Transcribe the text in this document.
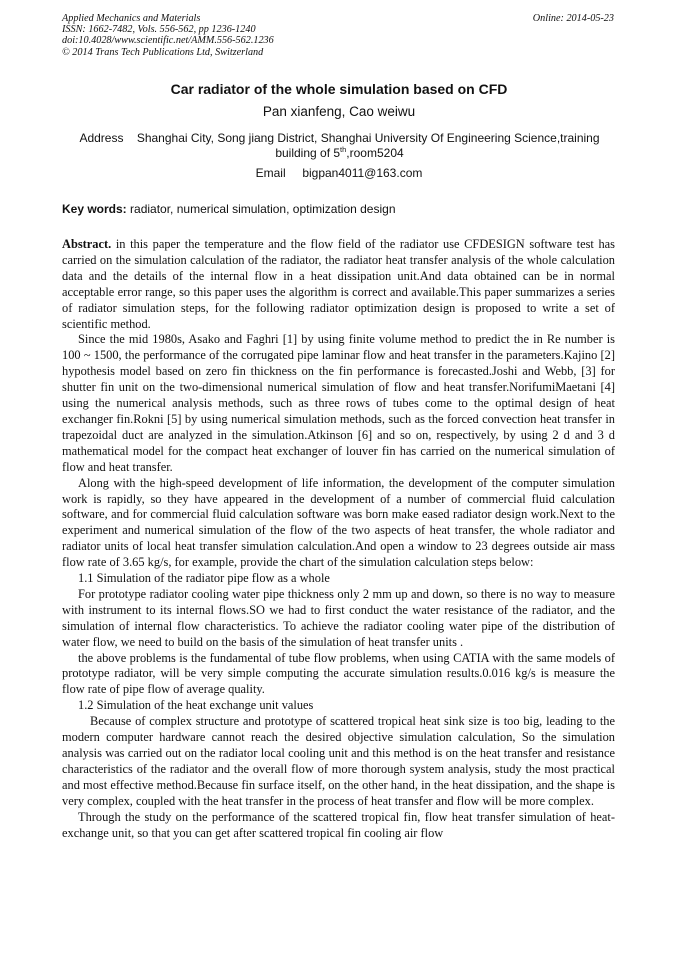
Applied Mechanics and Materials
ISSN: 1662-7482, Vols. 556-562, pp 1236-1240
doi:10.4028/www.scientific.net/AMM.556-562.1236
© 2014 Trans Tech Publications Ltd, Switzerland
Online: 2014-05-23
Car radiator of the whole simulation based on CFD
Pan xianfeng, Cao weiwu
Address Shanghai City, Song jiang District, Shanghai University Of Engineering Science,training building of 5th,room5204
Email bigpan4011@163.com
Key words: radiator, numerical simulation, optimization design

Abstract. in this paper the temperature and the flow field of the radiator use CFDESIGN software test has carried on the simulation calculation of the radiator, the radiator heat transfer analysis of the whole calculation data and the details of the internal flow in a heat dissipation unit.And data obtained can be in normal acceptable error range, so this paper uses the algorithm is correct and available.This paper summarizes a series of radiator simulation steps, for the following radiator optimization design is proposed to write a set of scientific method.

Since the mid 1980s, Asako and Faghri [1] by using finite volume method to predict the in Re number is 100 ~ 1500, the performance of the corrugated pipe laminar flow and heat transfer in the parameters.Kajino [2] hypothesis model based on zero fin thickness on the fin performance is forecasted.Joshi and Webb, [3] for shutter fin unit on the two-dimensional numerical simulation of flow and heat transfer.NorifumiMaetani [4] using the numerical analysis methods, such as three rows of tubes come to the optimal design of heat exchanger fin.Rokni [5] by using numerical simulation methods, such as the forced convection heat transfer in trapezoidal duct are analyzed in the simulation.Atkinson [6] and so on, respectively, by using 2 d and 3 d mathematical model for the compact heat exchanger of louver fin has carried on the numerical simulation of flow and heat transfer.

Along with the high-speed development of life information, the development of the computer simulation work is rapidly, so they have appeared in the development of a number of commercial fluid calculation software, and for commercial fluid calculation software was born make eased radiator design work.Next to the experiment and numerical simulation of the flow of the two aspects of heat transfer, the whole radiator and radiator units of local heat transfer simulation calculation.And open a window to 23 degrees outside air mass flow rate of 3.65 kg/s, for example, provide the chart of the simulation calculation steps below:

1.1 Simulation of the radiator pipe flow as a whole

For prototype radiator cooling water pipe thickness only 2 mm up and down, so there is no way to measure with instrument to its internal flows.SO we had to first conduct the water resistance of the radiator, and the simulation of internal flow characteristics. To achieve the radiator cooling water pipe of the distribution of water flow, we need to build on the basis of the simulation of heat transfer units .

the above problems is the fundamental of tube flow problems, when using CATIA with the same models of prototype radiator, will be very simple computing the accurate simulation results.0.016 kg/s is measure the flow rate of pipe flow of average quality.

1.2 Simulation of the heat exchange unit values

Because of complex structure and prototype of scattered tropical heat sink size is too big, leading to the modern computer hardware cannot reach the desired objective simulation calculation, So the simulation analysis was carried out on the radiator local cooling unit and this method is on the heat transfer and resistance characteristics of the radiator and the overall flow of more thorough system analysis, study the most practical and most effective method.Because fin surface itself, on the other hand, in the heat dissipation, and the shape is very complex, coupled with the heat transfer in the process of heat transfer and flow will be more complex.

Through the study on the performance of the scattered tropical fin, flow heat transfer simulation of heat-exchange unit, so that you can get after scattered tropical fin cooling air flow
